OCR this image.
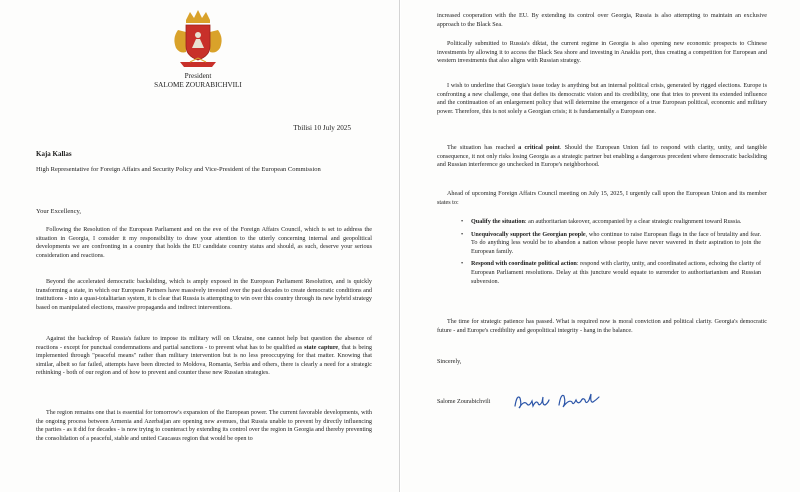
President
SALOME ZOURABICHVILI
Tbilisi 10 July 2025
Kaja Kallas
High Representative for Foreign Affairs and Security Policy and Vice-President of the European Commission
Your Excellency,
Following the Resolution of the European Parliament and on the eve of the Foreign Affairs Council, which is set to address the situation in Georgia, I consider it my responsibility to draw your attention to the utterly concerning internal and geopolitical developments we are confronting in a country that holds the EU candidate country status and should, as such, deserve your serious consideration and reactions.
Beyond the accelerated democratic backsliding, which is amply exposed in the European Parliament Resolution, and is quickly transforming a state, in which our European Partners have massively invested over the past decades to create democratic conditions and institutions - into a quasi-totalitarian system, it is clear that Russia is attempting to win over this country through its new hybrid strategy based on manipulated elections, massive propaganda and indirect interventions.
Against the backdrop of Russia's failure to impose its military will on Ukraine, one cannot help but question the absence of reactions - except for punctual condemnations and partial sanctions - to prevent what has to be qualified as state capture, that is being implemented through "peaceful means" rather than military intervention but is no less preoccupying for that matter. Knowing that similar, albeit so far failed, attempts have been directed to Moldova, Romania, Serbia and others, there is clearly a need for a strategic rethinking - both of our region and of how to prevent and counter these new Russian strategies.
The region remains one that is essential for tomorrow's expansion of the European power. The current favorable developments, with the ongoing process between Armenia and Azerbaijan are opening new avenues, that Russia unable to prevent by directly influencing the parties - as it did for decades - is now trying to counteract by extending its control over the region in Georgia and thereby preventing the consolidation of a peaceful, stable and united Caucasus region that would be open to
increased cooperation with the EU. By extending its control over Georgia, Russia is also attempting to maintain an exclusive approach to the Black Sea.
Politically submitted to Russia's diktat, the current regime in Georgia is also opening new economic prospects to Chinese investments by allowing it to access the Black Sea shore and investing in Anaklia port, thus creating a competition for European and western investments that also aligns with Russian strategy.
I wish to underline that Georgia's issue today is anything but an internal political crisis, generated by rigged elections. Europe is confronting a new challenge, one that defies its democratic vision and its credibility, one that tries to prevent its extended influence and the continuation of an enlargement policy that will determine the emergence of a true European political, economic and military power. Therefore, this is not solely a Georgian crisis; it is fundamentally a European one.
The situation has reached a critical point. Should the European Union fail to respond with clarity, unity, and tangible consequence, it not only risks losing Georgia as a strategic partner but enabling a dangerous precedent where democratic backsliding and Russian interference go unchecked in Europe's neighborhood.
Ahead of upcoming Foreign Affairs Council meeting on July 15, 2025, I urgently call upon the European Union and its member states to:
• Qualify the situation: an authoritarian takeover, accompanied by a clear strategic realignment toward Russia.
• Unequivocally support the Georgian people, who continue to raise European flags in the face of brutality and fear. To do anything less would be to abandon a nation whose people have never wavered in their aspiration to join the European family.
• Respond with coordinate political action: respond with clarity, unity, and coordinated actions, echoing the clarity of European Parliament resolutions. Delay at this juncture would equate to surrender to authoritarianism and Russian subversion.
The time for strategic patience has passed. What is required now is moral conviction and political clarity. Georgia's democratic future - and Europe's credibility and geopolitical integrity - hang in the balance.
Sincerely,
Salome Zourabichvili
